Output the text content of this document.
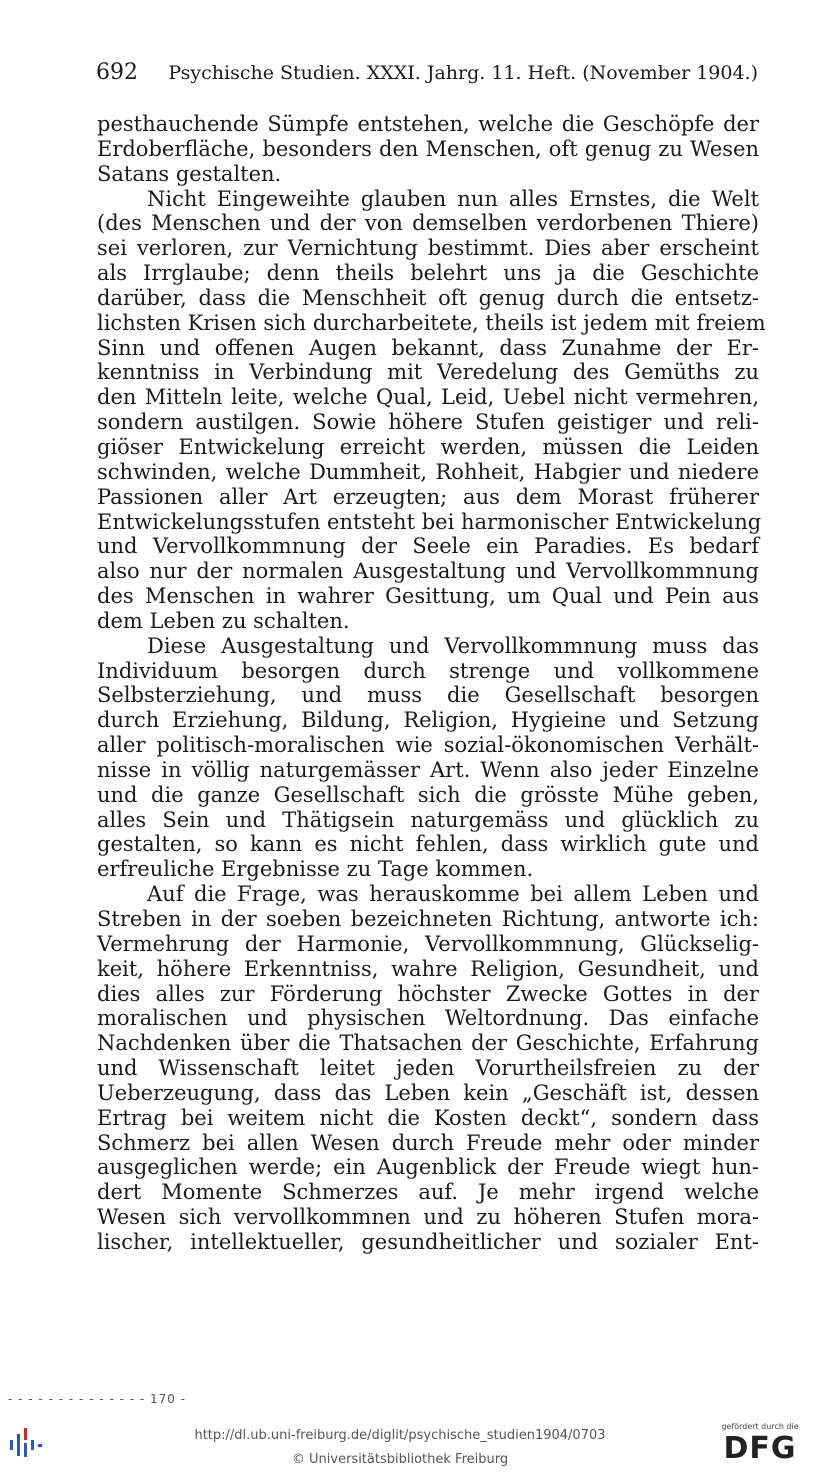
692 Psychische Studien. XXXI. Jahrg. 11. Heft. (November 1904.)
pesthauchende Sümpfe entstehen, welche die Geschöpfe der
Erdoberfläche, besonders den Menschen, oft genug zu Wesen
Satans gestalten.
Nicht Eingeweihte glauben nun alles Ernstes, die Welt
(des Menschen und der von demselben verdorbenen Thiere)
sei verloren, zur Vernichtung bestimmt. Dies aber erscheint
als Irrglaube; denn theils belehrt uns ja die Geschichte
darüber, dass die Menschheit oft genug durch die entsetz-
lichsten Krisen sich durcharbeitete, theils ist jedem mit freiem
Sinn und offenen Augen bekannt, dass Zunahme der Er-
kenntniss in Verbindung mit Veredelung des Gemüths zu
den Mitteln leite, welche Qual, Leid, Uebel nicht vermehren,
sondern austilgen. Sowie höhere Stufen geistiger und reli-
giöser Entwickelung erreicht werden, müssen die Leiden
schwinden, welche Dummheit, Rohheit, Habgier und niedere
Passionen aller Art erzeugten; aus dem Morast früherer
Entwickelungsstufen entsteht bei harmonischer Entwickelung
und Vervollkommnung der Seele ein Paradies. Es bedarf
also nur der normalen Ausgestaltung und Vervollkommnung
des Menschen in wahrer Gesittung, um Qual und Pein aus
dem Leben zu schalten.
Diese Ausgestaltung und Vervollkommnung muss das
Individuum besorgen durch strenge und vollkommene
Selbsterziehung, und muss die Gesellschaft besorgen
durch Erziehung, Bildung, Religion, Hygieine und Setzung
aller politisch-moralischen wie sozial-ökonomischen Verhält-
nisse in völlig naturgemässer Art. Wenn also jeder Einzelne
und die ganze Gesellschaft sich die grösste Mühe geben,
alles Sein und Thätigsein naturgemäss und glücklich zu
gestalten, so kann es nicht fehlen, dass wirklich gute und
erfreuliche Ergebnisse zu Tage kommen.
Auf die Frage, was herauskomme bei allem Leben und
Streben in der soeben bezeichneten Richtung, antworte ich:
Vermehrung der Harmonie, Vervollkommnung, Glückselig-
keit, höhere Erkenntniss, wahre Religion, Gesundheit, und
dies alles zur Förderung höchster Zwecke Gottes in der
moralischen und physischen Weltordnung. Das einfache
Nachdenken über die Thatsachen der Geschichte, Erfahrung
und Wissenschaft leitet jeden Vorurtheilsfreien zu der
Ueberzeugung, dass das Leben kein „Geschäft ist, dessen
Ertrag bei weitem nicht die Kosten deckt“, sondern dass
Schmerz bei allen Wesen durch Freude mehr oder minder
ausgeglichen werde; ein Augenblick der Freude wiegt hun-
dert Momente Schmerzes auf. Je mehr irgend welche
Wesen sich vervollkommnen und zu höheren Stufen mora-
lischer, intellektueller, gesundheitlicher und sozialer Ent-
- - - - - - - - - - - - - - 170 -
http://dl.ub.uni-freiburg.de/diglit/psychische_studien1904/0703
© Universitätsbibliothek Freiburg
gefördert durch die
DFG
